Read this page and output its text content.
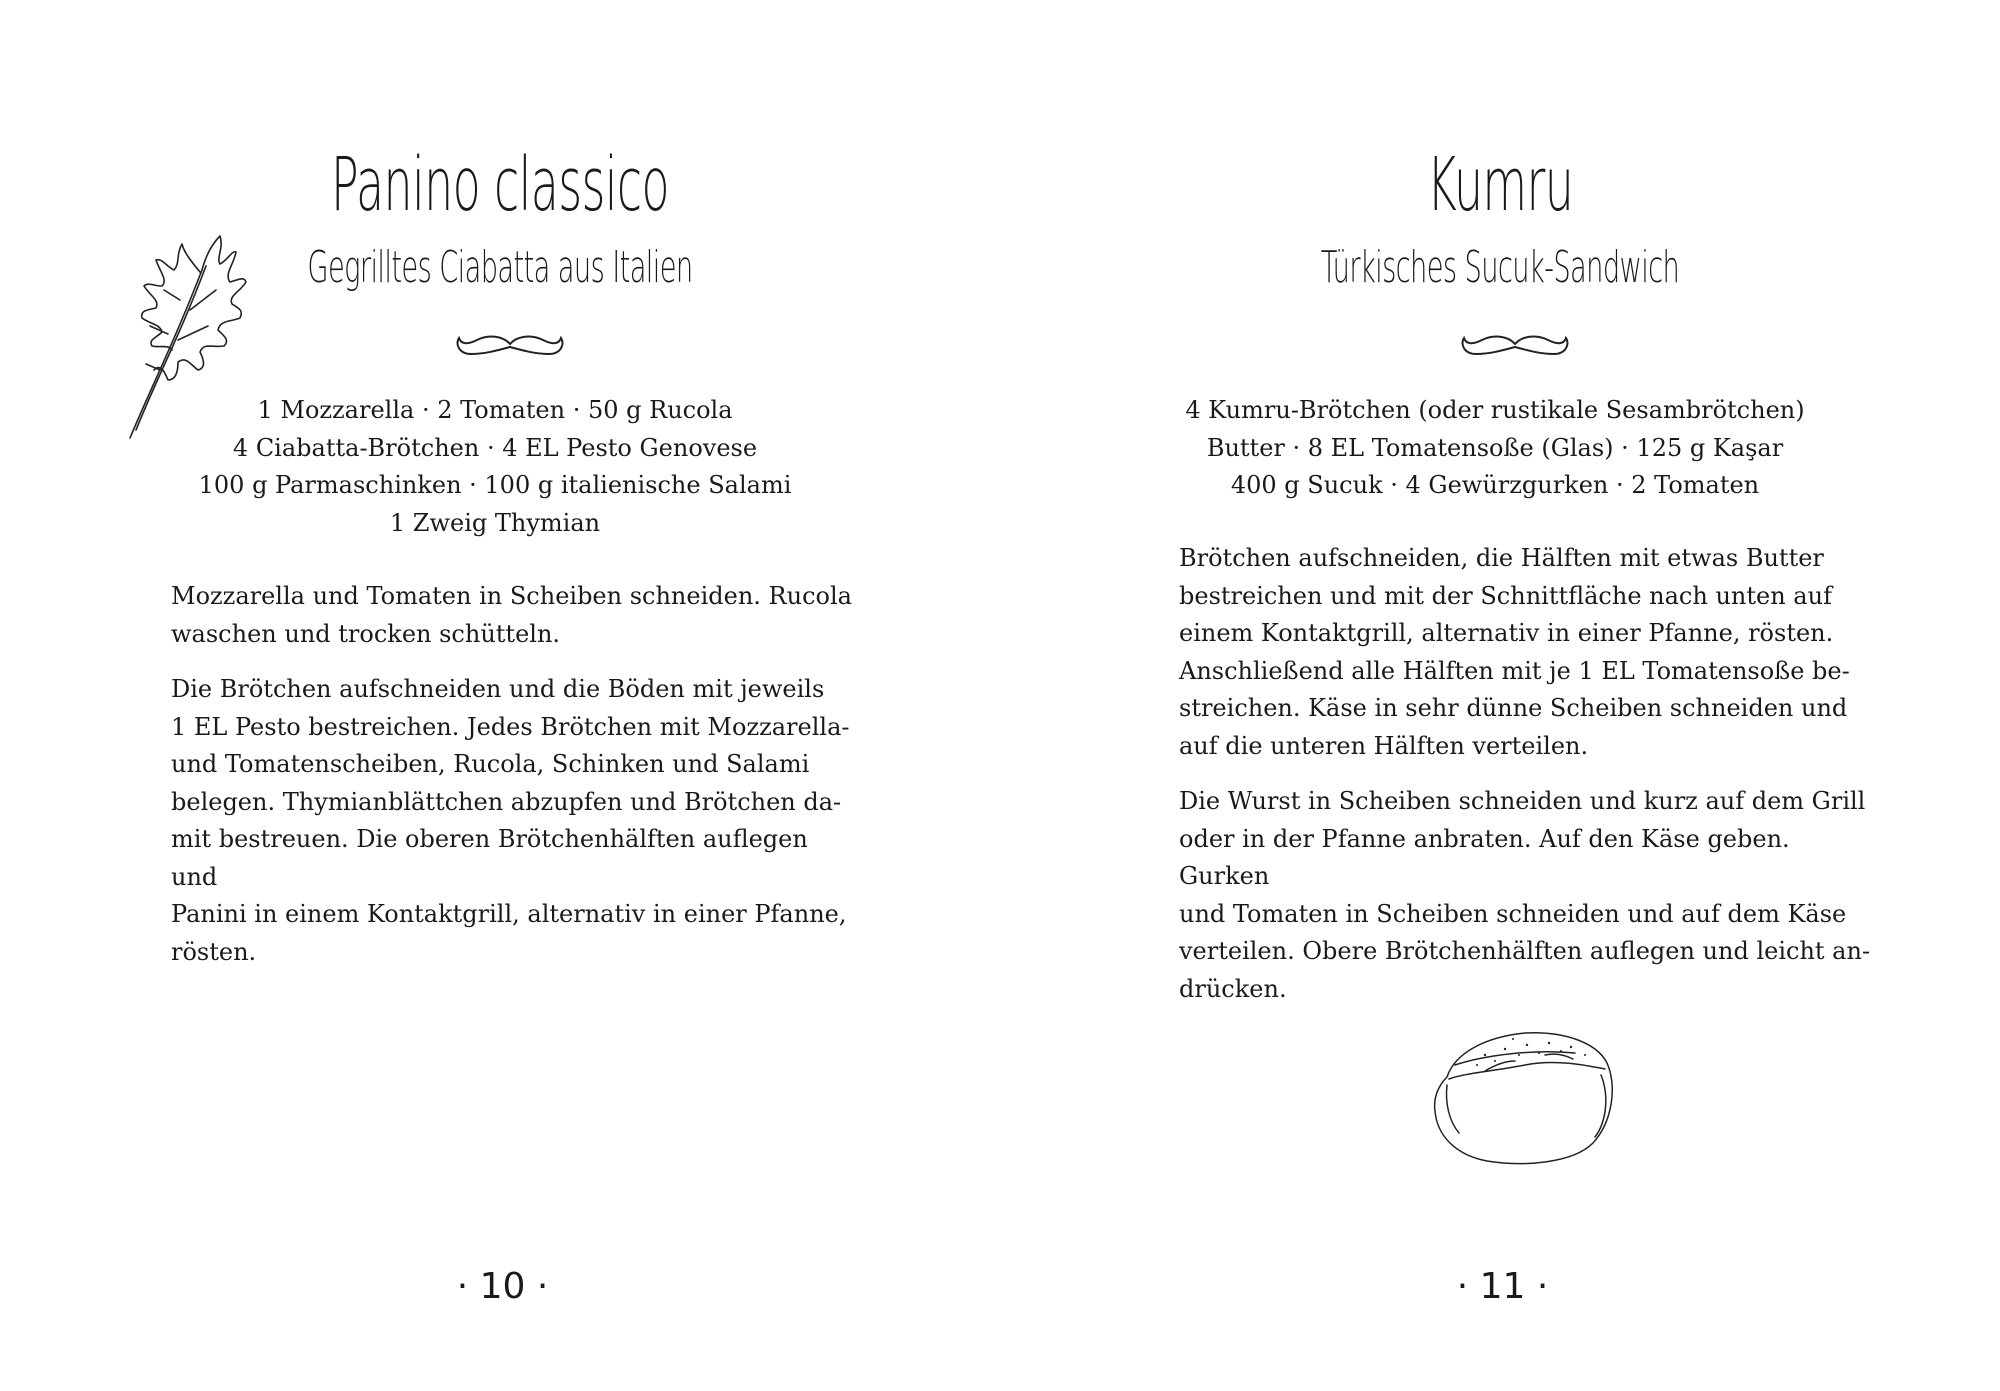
Panino classico
Gegrilltes Ciabatta aus Italien
1 Mozzarella · 2 Tomaten · 50 g Rucola
4 Ciabatta-Brötchen · 4 EL Pesto Genovese
100 g Parmaschinken · 100 g italienische Salami
1 Zweig Thymian

Mozzarella und Tomaten in Scheiben schneiden. Rucola
waschen und trocken schütteln.

Die Brötchen aufschneiden und die Böden mit jeweils
1 EL Pesto bestreichen. Jedes Brötchen mit Mozzarella-
und Tomatenscheiben, Rucola, Schinken und Salami
belegen. Thymianblättchen abzupfen und Brötchen da-
mit bestreuen. Die oberen Brötchenhälften auflegen und
Panini in einem Kontaktgrill, alternativ in einer Pfanne,
rösten.

· 10 ·
Kumru
Türkisches Sucuk-Sandwich
4 Kumru-Brötchen (oder rustikale Sesambrötchen)
Butter · 8 EL Tomatensoße (Glas) · 125 g Kaşar
400 g Sucuk · 4 Gewürzgurken · 2 Tomaten

Brötchen aufschneiden, die Hälften mit etwas Butter
bestreichen und mit der Schnittfläche nach unten auf
einem Kontaktgrill, alternativ in einer Pfanne, rösten.
Anschließend alle Hälften mit je 1 EL Tomatensoße be-
streichen. Käse in sehr dünne Scheiben schneiden und
auf die unteren Hälften verteilen.

Die Wurst in Scheiben schneiden und kurz auf dem Grill
oder in der Pfanne anbraten. Auf den Käse geben. Gurken
und Tomaten in Scheiben schneiden und auf dem Käse
verteilen. Obere Brötchenhälften auflegen und leicht an-
drücken.

· 11 ·
